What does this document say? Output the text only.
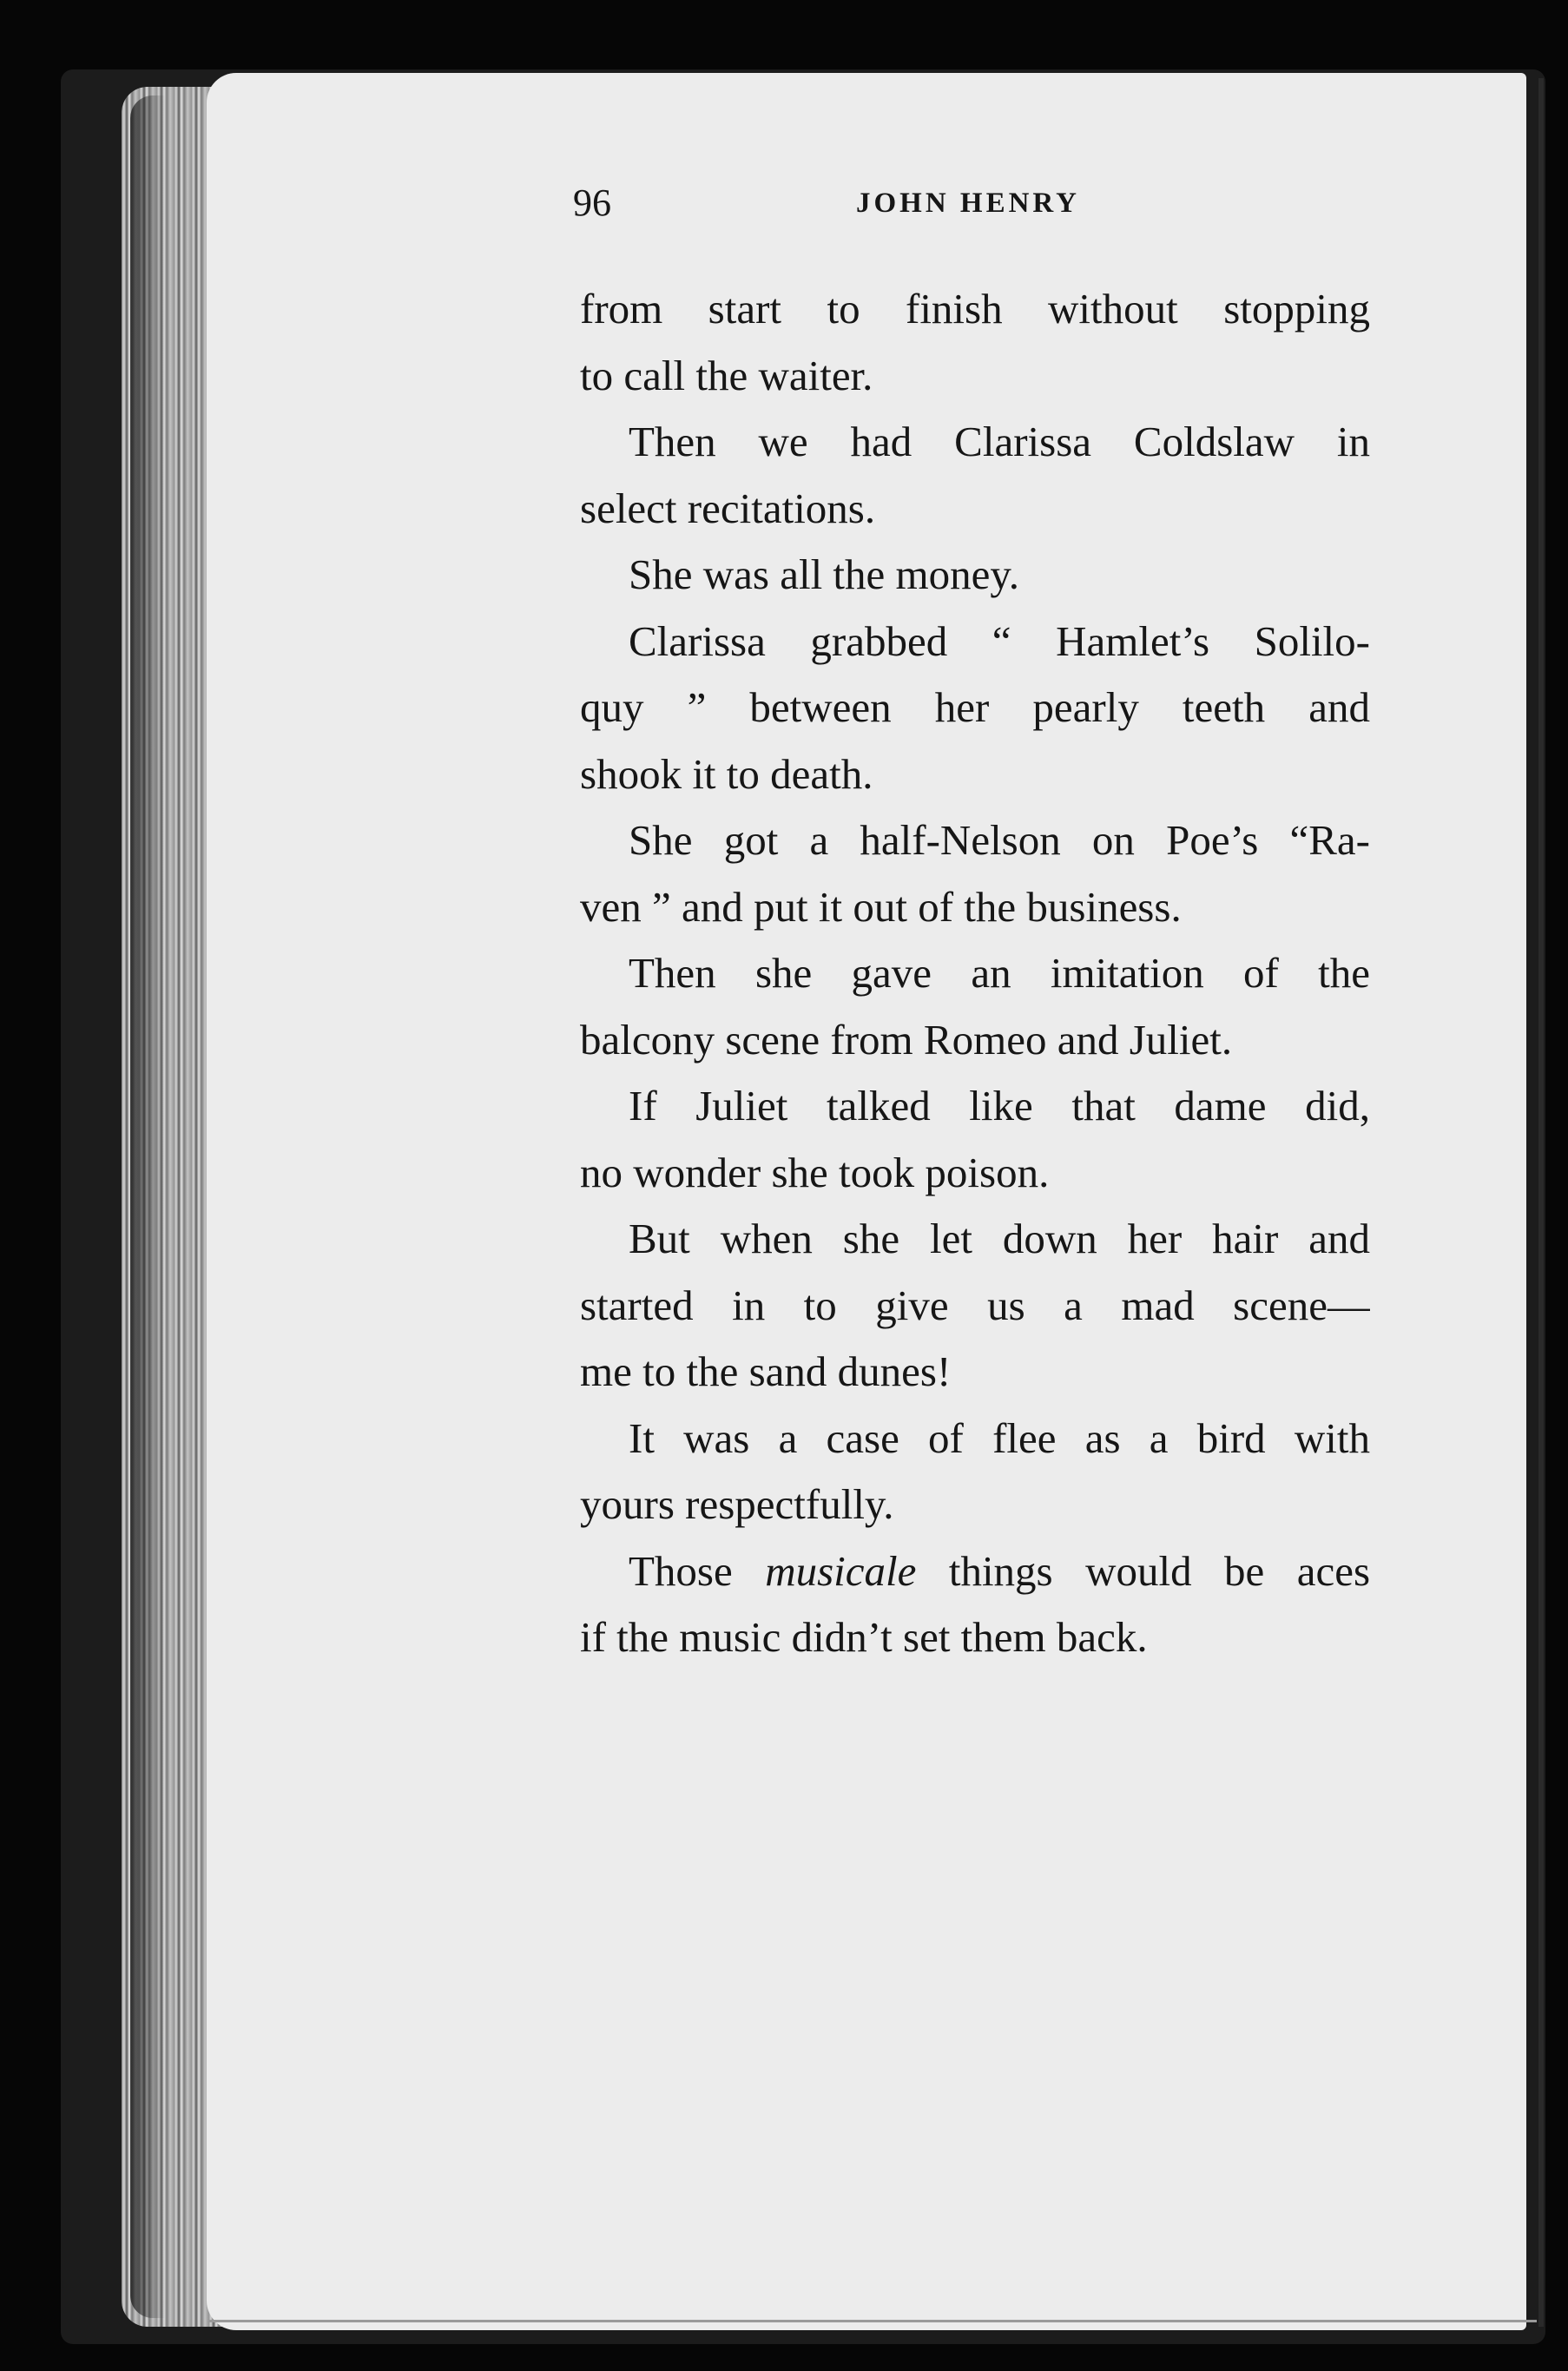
96	JOHN HENRY
from start to finish without stopping
to call the waiter.
Then we had Clarissa Coldslaw in
select recitations.
She was all the money.
Clarissa grabbed “ Hamlet’s Solilo-
quy ” between her pearly teeth and
shook it to death.
She got a half-Nelson on Poe’s “Ra-
ven ” and put it out of the business.
Then she gave an imitation of the
balcony scene from Romeo and Juliet.
If Juliet talked like that dame did,
no wonder she took poison.
But when she let down her hair and
started in to give us a mad scene—
me to the sand dunes!
It was a case of flee as a bird with
yours respectfully.
Those musicale things would be aces
if the music didn’t set them back.
